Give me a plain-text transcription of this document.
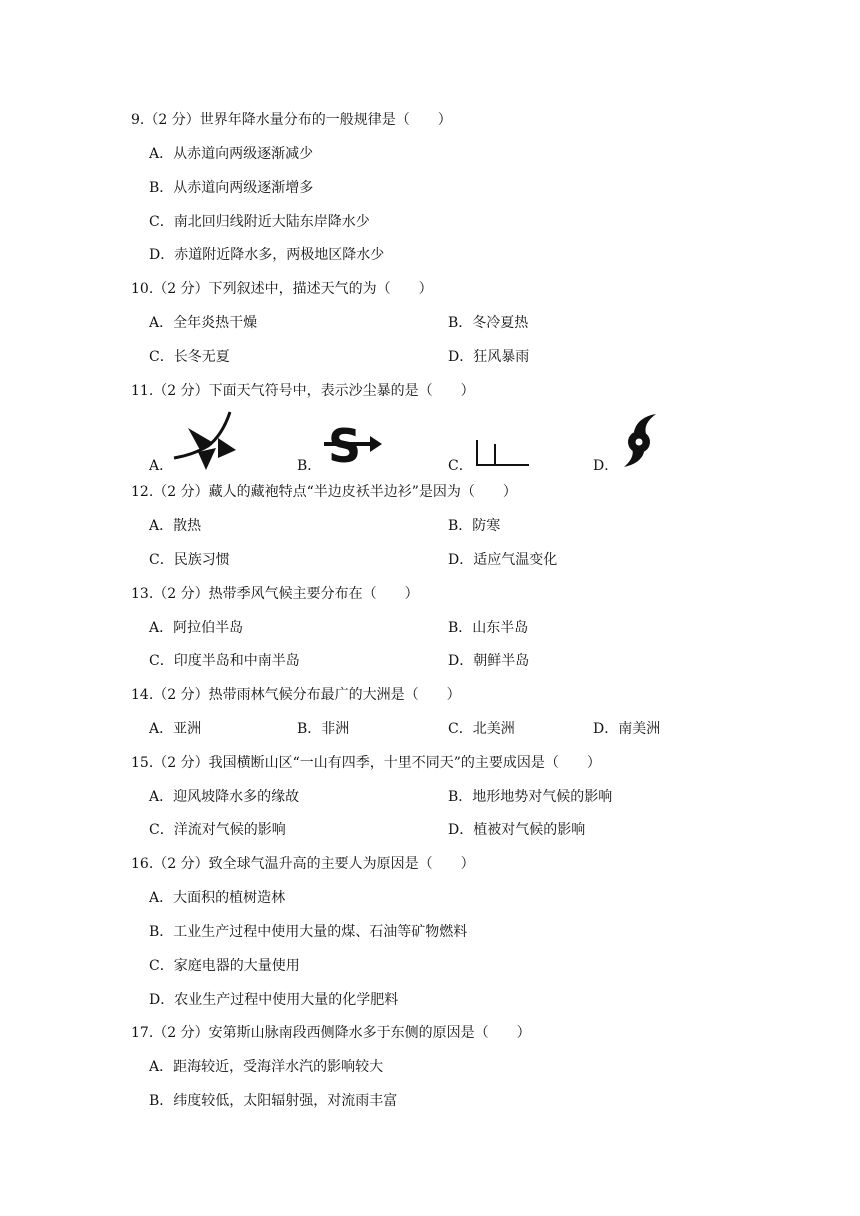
9.（2 分）世界年降水量分布的一般规律是（　　）
A．从赤道向两级逐渐减少
B．从赤道向两级逐渐增多
C．南北回归线附近大陆东岸降水少
D．赤道附近降水多，两极地区降水少
10.（2 分）下列叙述中，描述天气的为（　　）
A．全年炎热干燥	B．冬冷夏热
C．长冬无夏	D．狂风暴雨
11.（2 分）下面天气符号中，表示沙尘暴的是（　　）
A．	B． S	C．	D．
12.（2 分）藏人的藏袍特点“半边皮袄半边衫”是因为（　　）
A．散热	B．防寒
C．民族习惯	D．适应气温变化
13.（2 分）热带季风气候主要分布在（　　）
A．阿拉伯半岛	B．山东半岛
C．印度半岛和中南半岛	D．朝鲜半岛
14.（2 分）热带雨林气候分布最广的大洲是（　　）
A．亚洲	B．非洲	C．北美洲	D．南美洲
15.（2 分）我国横断山区“一山有四季，十里不同天”的主要成因是（　　）
A．迎风坡降水多的缘故	B．地形地势对气候的影响
C．洋流对气候的影响	D．植被对气候的影响
16.（2 分）致全球气温升高的主要人为原因是（　　）
A．大面积的植树造林
B．工业生产过程中使用大量的煤、石油等矿物燃料
C．家庭电器的大量使用
D．农业生产过程中使用大量的化学肥料
17.（2 分）安第斯山脉南段西侧降水多于东侧的原因是（　　）
A．距海较近，受海洋水汽的影响较大
B．纬度较低，太阳辐射强，对流雨丰富
